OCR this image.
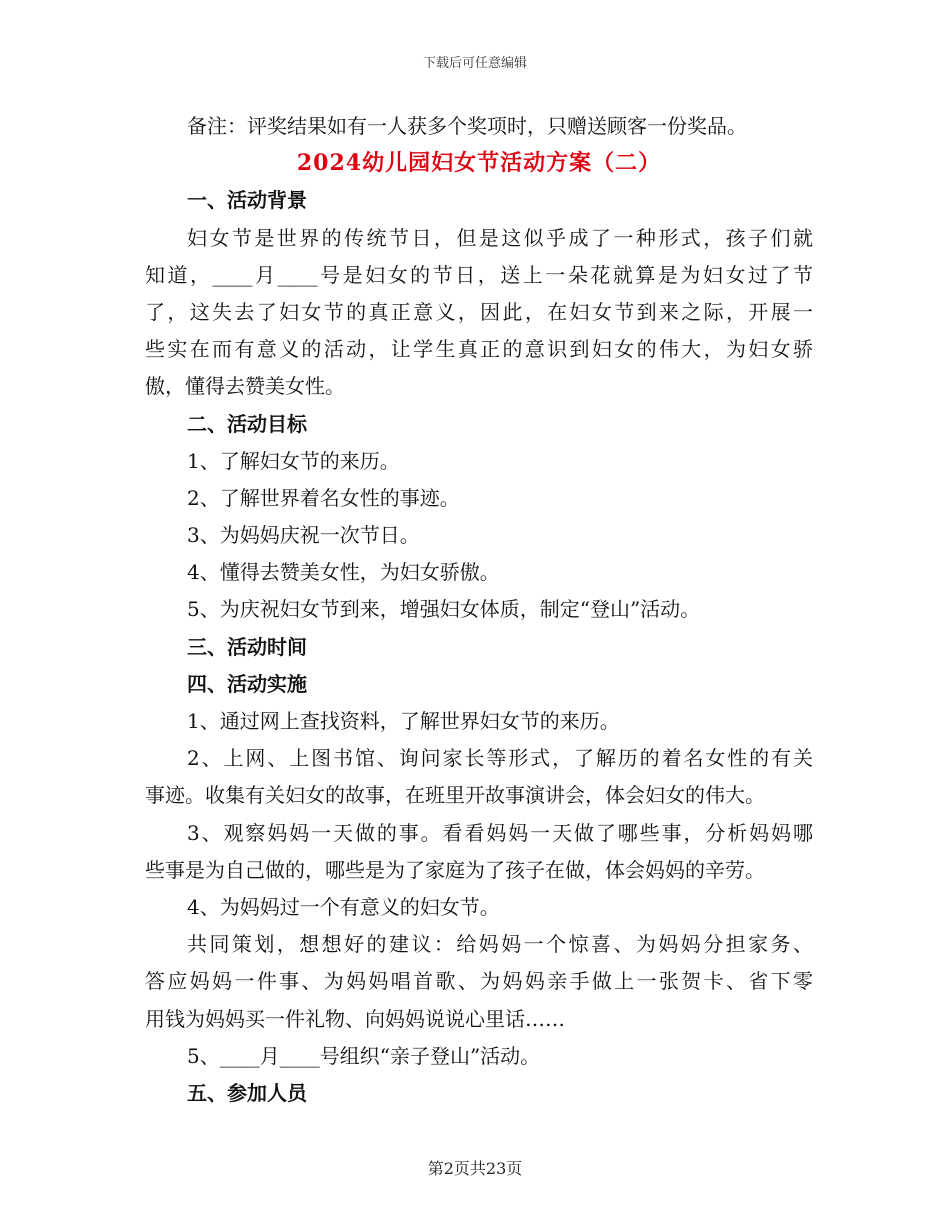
下载后可任意编辑
备注：评奖结果如有一人获多个奖项时，只赠送顾客一份奖品。
2024幼儿园妇女节活动方案（二）
一、活动背景
妇女节是世界的传统节日，但是这似乎成了一种形式，孩子们就
知道，____月____号是妇女的节日，送上一朵花就算是为妇女过了节
了，这失去了妇女节的真正意义，因此，在妇女节到来之际，开展一
些实在而有意义的活动，让学生真正的意识到妇女的伟大，为妇女骄
傲，懂得去赞美女性。
二、活动目标
1、了解妇女节的来历。
2、了解世界着名女性的事迹。
3、为妈妈庆祝一次节日。
4、懂得去赞美女性，为妇女骄傲。
5、为庆祝妇女节到来，增强妇女体质，制定“登山”活动。
三、活动时间
四、活动实施
1、通过网上查找资料，了解世界妇女节的来历。
2、上网、上图书馆、询问家长等形式，了解历的着名女性的有关
事迹。收集有关妇女的故事，在班里开故事演讲会，体会妇女的伟大。
3、观察妈妈一天做的事。看看妈妈一天做了哪些事，分析妈妈哪
些事是为自己做的，哪些是为了家庭为了孩子在做，体会妈妈的辛劳。
4、为妈妈过一个有意义的妇女节。
共同策划，想想好的建议：给妈妈一个惊喜、为妈妈分担家务、
答应妈妈一件事、为妈妈唱首歌、为妈妈亲手做上一张贺卡、省下零
用钱为妈妈买一件礼物、向妈妈说说心里话……
5、____月____号组织“亲子登山”活动。
五、参加人员
第2页共23页
